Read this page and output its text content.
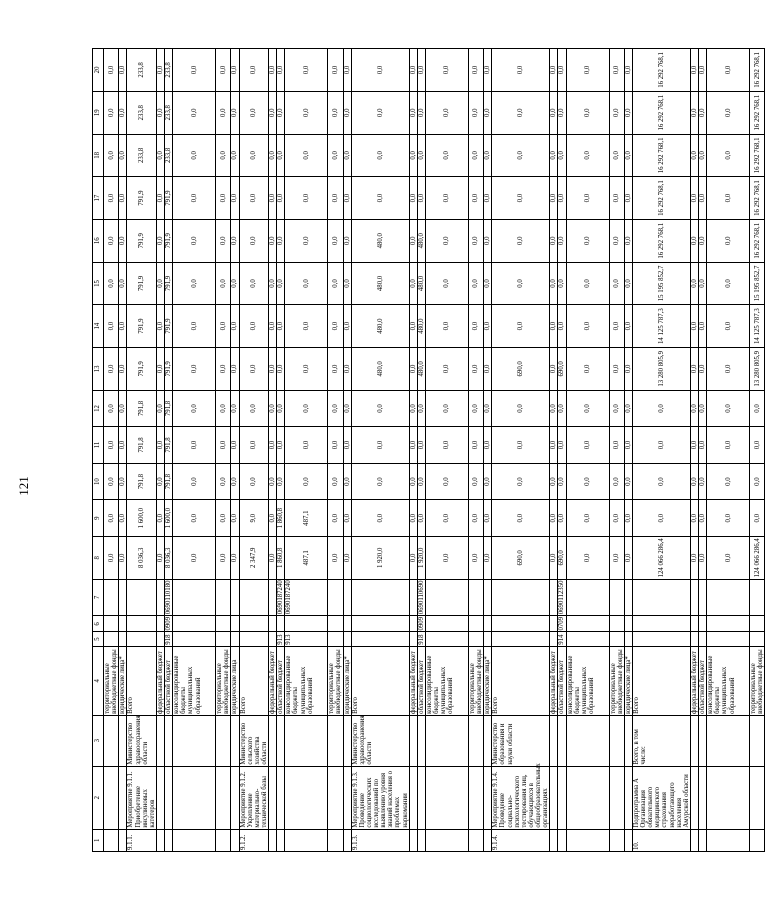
121
1	2	3	4	5	6	7	8	9	10	11	12	13	14	15	16	17	18	19	20
			территориальные внебюджетные фонды				0,0	0,0	0,0	0,0	0,0	0,0	0,0	0,0	0,0	0,0	0,0	0,0	0,0
			юридические лица*				0,0	0,0	0,0	0,0	0,0	0,0	0,0	0,0	0,0	0,0	0,0	0,0	0,0
9.1.1.	Мероприятие 9.1.1. Приобретение инсулиновых катетеров	Министерство здравоохранения области	Всего				8 036,3	1 600,0	791,8	791,8	791,8	791,9	791,9	791,9	791,9	791,9	233,8	233,8	233,8
			федеральный бюджет				0,0	0,0	0,0	0,0	0,0	0,0	0,0	0,0	0,0	0,0	0,0	0,0	0,0
			областной бюджет	918	0909	0690110180	8 036,3	1 600,0	791,8	791,8	791,8	791,9	791,9	791,9	791,9	791,9	233,8	233,8	233,8
			консолидированные бюджеты муниципальных образований				0,0	0,0	0,0	0,0	0,0	0,0	0,0	0,0	0,0	0,0	0,0	0,0	0,0
			территориальные внебюджетные фонды				0,0	0,0	0,0	0,0	0,0	0,0	0,0	0,0	0,0	0,0	0,0	0,0	0,0
			юридические лица				0,0	0,0	0,0	0,0	0,0	0,0	0,0	0,0	0,0	0,0	0,0	0,0	0,0
9.1.2.	Мероприятие 9.1.2. Укрепление материально-технической базы	Министерство сельского хозяйства области	Всего				2 347,9	9,0	0,0	0,0	0,0	0,0	0,0	0,0	0,0	0,0	0,0	0,0	0,0
			федеральный бюджет				0,0	0,0	0,0	0,0	0,0	0,0	0,0	0,0	0,0	0,0	0,0	0,0	0,0
			областной бюджет	913		0690187240	1 860,8	1 860,8	0,0	0,0	0,0	0,0	0,0	0,0	0,0	0,0	0,0	0,0	0,0
			консолидированные бюджеты муниципальных образований	913		0690187240	487,1	487,1	0,0	0,0	0,0	0,0	0,0	0,0	0,0	0,0	0,0	0,0	0,0
			территориальные внебюджетные фонды				0,0	0,0	0,0	0,0	0,0	0,0	0,0	0,0	0,0	0,0	0,0	0,0	0,0
			юридические лица*				0,0	0,0	0,0	0,0	0,0	0,0	0,0	0,0	0,0	0,0	0,0	0,0	0,0
9.1.3.	Мероприятие 9.1.3. Проведение социологических исследований по выявлению уровня знаний населения о проблемах наркомании	Министерство здравоохранения области	Всего				1 920,0	0,0	0,0	0,0	0,0	480,0	480,0	480,0	480,0	0,0	0,0	0,0	0,0
			федеральный бюджет				0,0	0,0	0,0	0,0	0,0	0,0	0,0	0,0	0,0	0,0	0,0	0,0	0,0
			областной бюджет	918	0909	0690110690	1 920,0	0,0	0,0	0,0	0,0	480,0	480,0	480,0	480,0	0,0	0,0	0,0	0,0
			консолидированные бюджеты муниципальных образований				0,0	0,0	0,0	0,0	0,0	0,0	0,0	0,0	0,0	0,0	0,0	0,0	0,0
			территориальные внебюджетные фонды				0,0	0,0	0,0	0,0	0,0	0,0	0,0	0,0	0,0	0,0	0,0	0,0	0,0
			юридические лица*				0,0	0,0	0,0	0,0	0,0	0,0	0,0	0,0	0,0	0,0	0,0	0,0	0,0
9.1.4.	Мероприятие 9.1.4. Проведение социально-психологического тестирования лиц, обучающихся в общеобразовательных организациях	Министерство образования и науки области	Всего				690,0	0,0	0,0	0,0	0,0	690,0	0,0	0,0	0,0	0,0	0,0	0,0	0,0
			федеральный бюджет				0,0	0,0	0,0	0,0	0,0	0,0	0,0	0,0	0,0	0,0	0,0	0,0	0,0
			областной бюджет	914	0709	0690112350	690,0	0,0	0,0	0,0	0,0	690,0	0,0	0,0	0,0	0,0	0,0	0,0	0,0
			консолидированные бюджеты муниципальных образований				0,0	0,0	0,0	0,0	0,0	0,0	0,0	0,0	0,0	0,0	0,0	0,0	0,0
			территориальные внебюджетные фонды				0,0	0,0	0,0	0,0	0,0	0,0	0,0	0,0	0,0	0,0	0,0	0,0	0,0
			юридические лица*				0,0	0,0	0,0	0,0	0,0	0,0	0,0	0,0	0,0	0,0	0,0	0,0	0,0
10.	Подпрограмма А Организация обязательного медицинского страхования неработающего населения Амурской области	Всего, в том числе:	Всего				124 066 286,4	0,0	0,0	0,0	0,0	13 280 805,9	14 125 787,3	15 195 852,7	16 292 768,1	16 292 768,1	16 292 768,1	16 292 768,1	16 292 768,1
			федеральный бюджет				0,0	0,0	0,0	0,0	0,0	0,0	0,0	0,0	0,0	0,0	0,0	0,0	0,0
			областной бюджет				0,0	0,0	0,0	0,0	0,0	0,0	0,0	0,0	0,0	0,0	0,0	0,0	0,0
			консолидированные бюджеты муниципальных образований				0,0	0,0	0,0	0,0	0,0	0,0	0,0	0,0	0,0	0,0	0,0	0,0	0,0
			территориальные внебюджетные фонды				124 066 286,4	0,0	0,0	0,0	0,0	13 280 805,9	14 125 787,3	15 195 852,7	16 292 768,1	16 292 768,1	16 292 768,1	16 292 768,1	16 292 768,1
